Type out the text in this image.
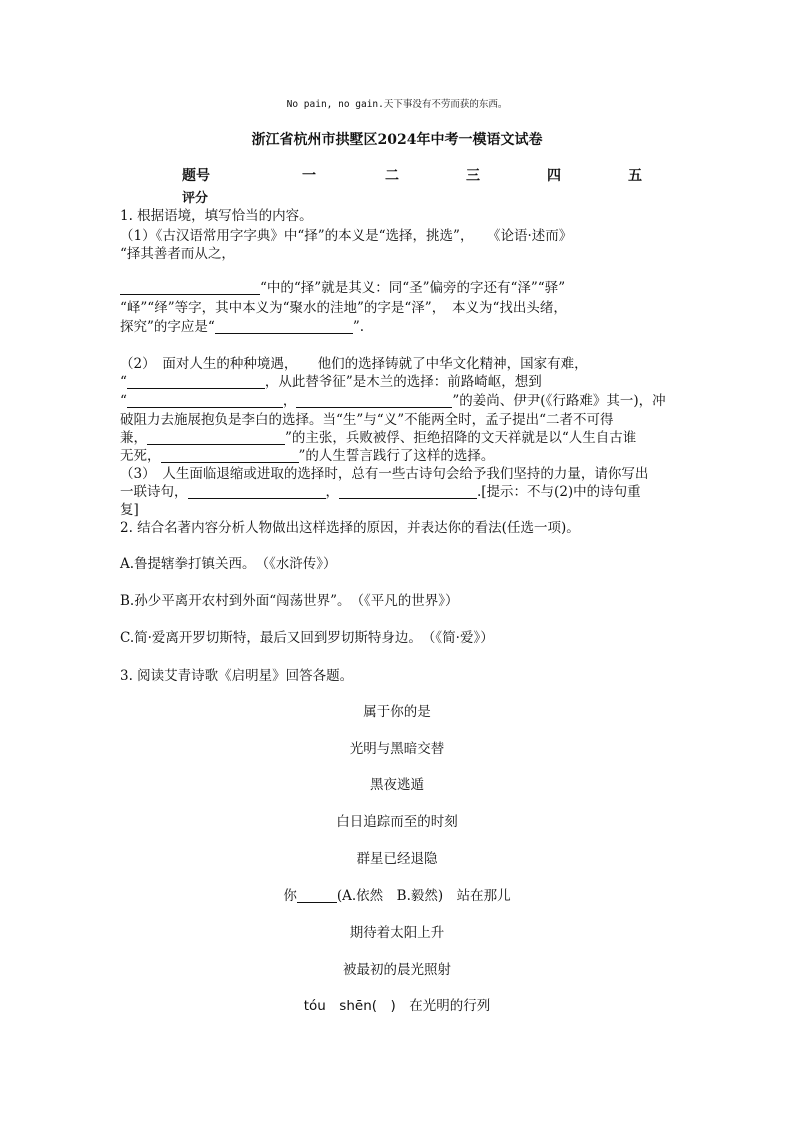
No pain, no gain.天下事没有不劳而获的东西。
浙江省杭州市拱墅区2024年中考一模语文试卷
题号	一	二	三	四	五
评分
1. 根据语境，填写恰当的内容。
（1）《古汉语常用字字典》中“择”的本义是“选择，挑选”，　　《论语·述而》
“择其善者而从之，
“中的“择”就是其义：同“圣”偏旁的字还有“泽”“驿”
“峄”“绎”等字，其中本义为“聚水的洼地”的字是“泽”，　本义为“找出头绪，
探究”的字应是“	”.
（2）　面对人生的种种境遇，　　他们的选择铸就了中华文化精神，国家有难，
“	，从此替爷征”是木兰的选择：前路崎岖，想到
“	，	”的姜尚、伊尹(《行路难》其一)，冲
破阻力去施展抱负是李白的选择。当“生”与“义”不能两全时，孟子提出“二者不可得
兼，	”的主张，兵败被俘、拒绝招降的文天祥就是以“人生自古谁
无死，	”的人生誓言践行了这样的选择。
（3）　人生面临退缩或进取的选择时，总有一些古诗句会给予我们坚持的力量，请你写出
一联诗句，	，	.[提示：不与(2)中的诗句重
复]
2. 结合名著内容分析人物做出这样选择的原因，并表达你的看法(任选一项)。
A.鲁提辖拳打镇关西。　（《水浒传》）
B.孙少平离开农村到外面“闯荡世界”。　（《平凡的世界》）
C.简·爱离开罗切斯特，最后又回到罗切斯特身边。　（《简·爱》）
3. 阅读艾青诗歌《启明星》回答各题。
属于你的是
光明与黑暗交替
黑夜逃遁
白日追踪而至的时刻
群星已经退隐
你	(A.依然　B.毅然)　站在那儿
期待着太阳上升
被最初的晨光照射
tóu　shēn(　)　在光明的行列
